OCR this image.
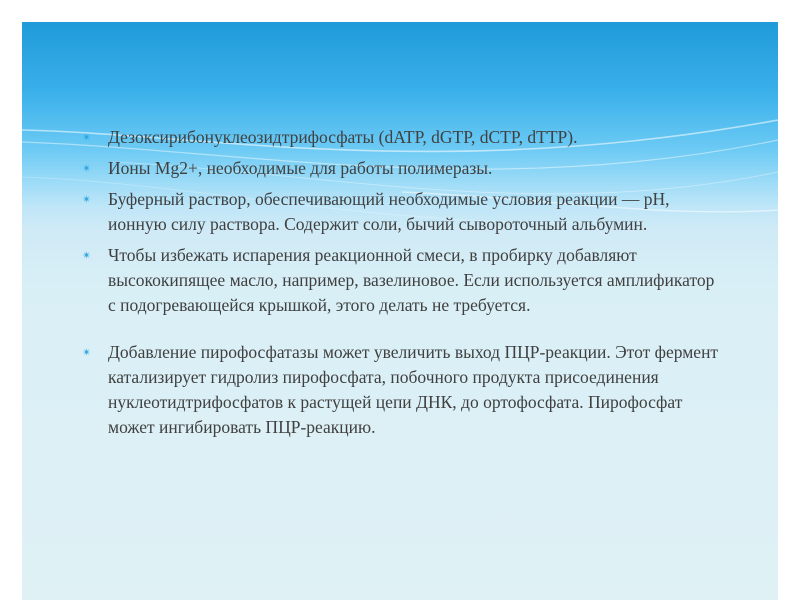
✴ Дезоксирибонуклеозидтрифосфаты (dATP, dGTP, dCTP, dTTP).
✴ Ионы Mg2+, необходимые для работы полимеразы.
✴ Буферный раствор, обеспечивающий необходимые условия реакции — pH, ионную силу раствора. Содержит соли, бычий сывороточный альбумин.
✴ Чтобы избежать испарения реакционной смеси, в пробирку добавляют высококипящее масло, например, вазелиновое. Если используется амплификатор с подогревающейся крышкой, этого делать не требуется.
✴ Добавление пирофосфатазы может увеличить выход ПЦР-реакции. Этот фермент катализирует гидролиз пирофосфата, побочного продукта присоединения нуклеотидтрифосфатов к растущей цепи ДНК, до ортофосфата. Пирофосфат может ингибировать ПЦР-реакцию.
